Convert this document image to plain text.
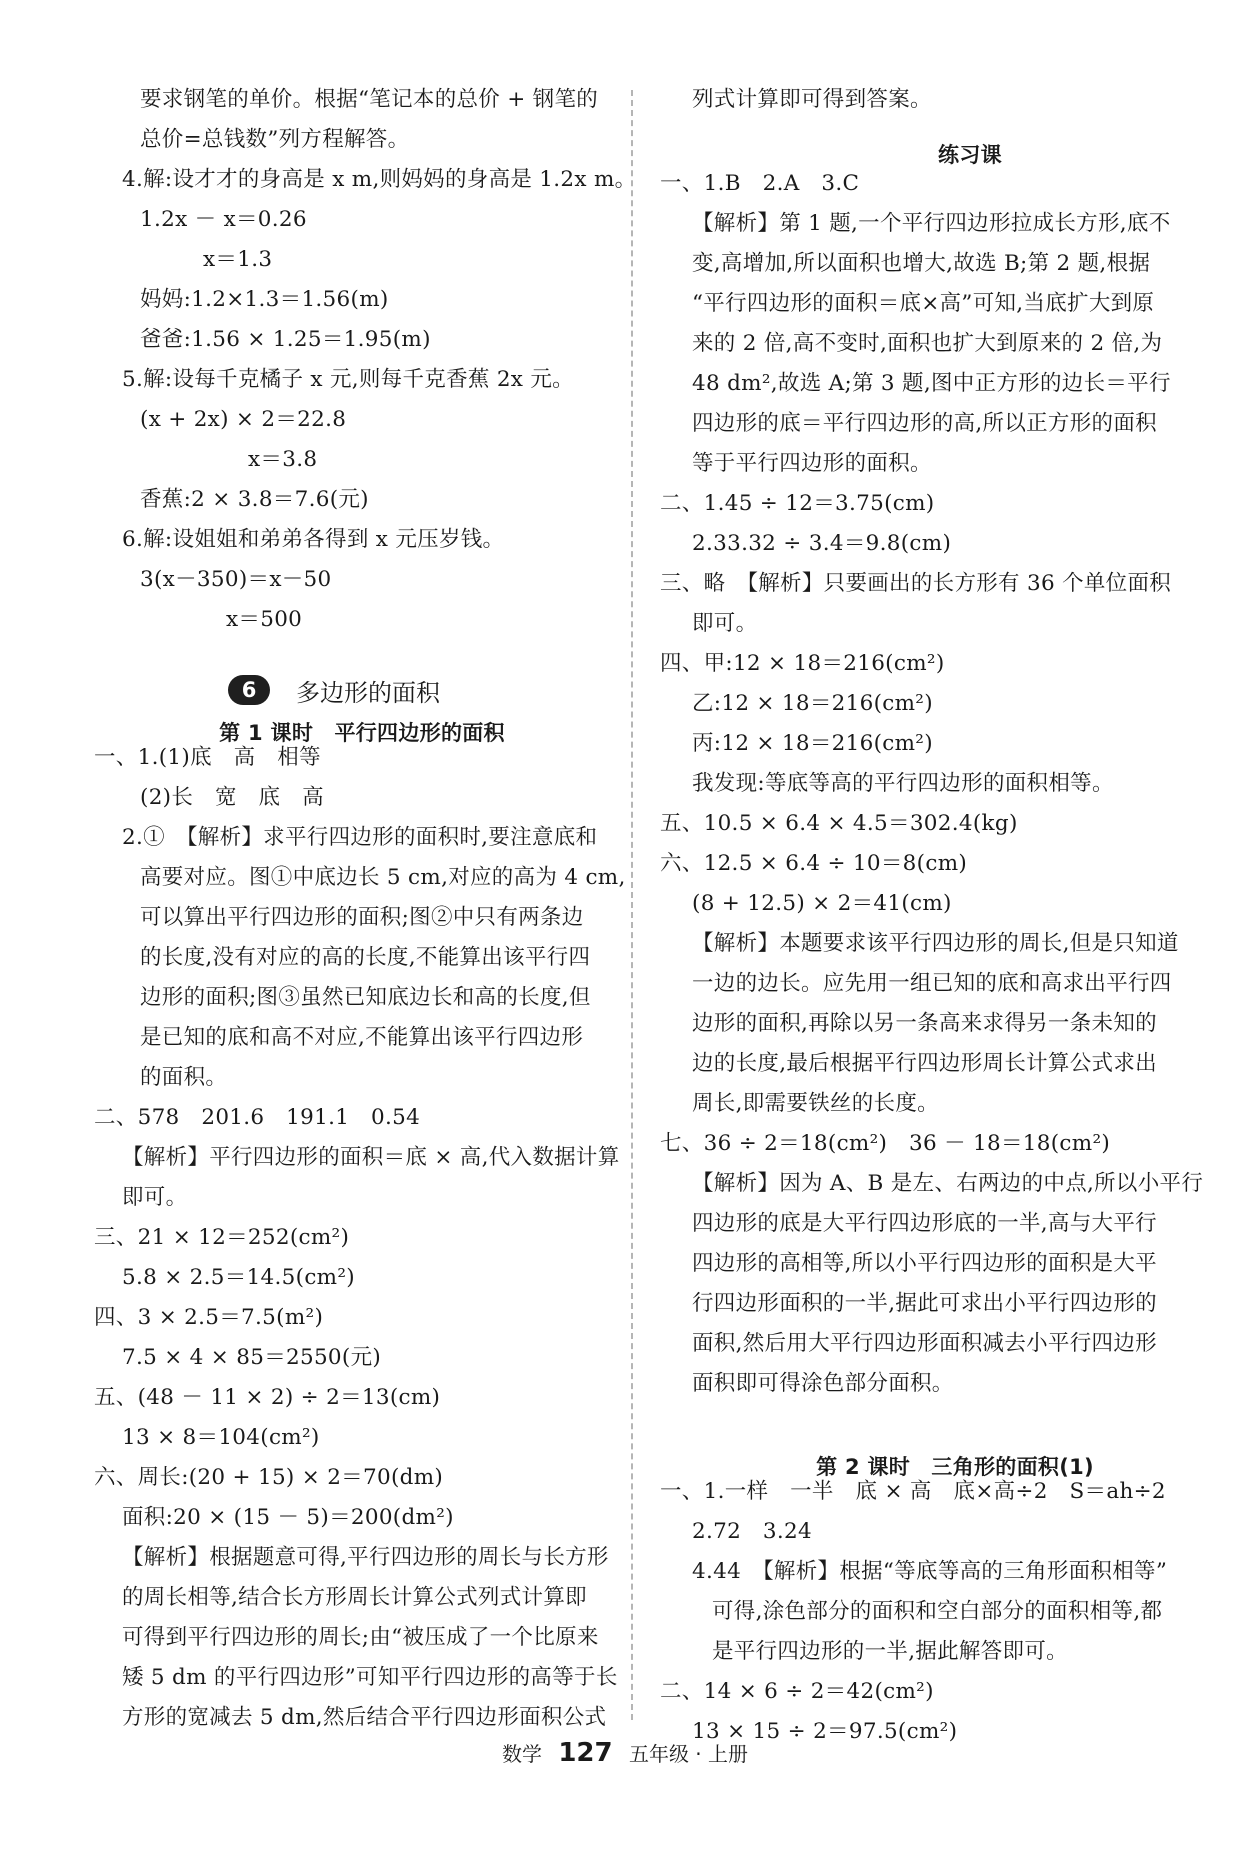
要求钢笔的单价。根据“笔记本的总价 + 钢笔的
总价=总钱数”列方程解答。
4.解:设才才的身高是 x m,则妈妈的身高是 1.2x m。
1.2x － x＝0.26
x＝1.3
妈妈:1.2×1.3＝1.56(m)
爸爸:1.56 × 1.25＝1.95(m)
5.解:设每千克橘子 x 元,则每千克香蕉 2x 元。
(x + 2x) × 2＝22.8
x＝3.8
香蕉:2 × 3.8＝7.6(元)
6.解:设姐姐和弟弟各得到 x 元压岁钱。
3(x－350)＝x－50
x＝500
一、1.(1)底　高　相等
(2)长　宽　底　高
2.①　【解析】求平行四边形的面积时,要注意底和
高要对应。图①中底边长 5 cm,对应的高为 4 cm,
可以算出平行四边形的面积;图②中只有两条边
的长度,没有对应的高的长度,不能算出该平行四
边形的面积;图③虽然已知底边长和高的长度,但
是已知的底和高不对应,不能算出该平行四边形
的面积。
二、578　201.6　191.1　0.54
【解析】平行四边形的面积＝底 × 高,代入数据计算
即可。
三、21 × 12＝252(cm²)
5.8 × 2.5＝14.5(cm²)
四、3 × 2.5＝7.5(m²)
7.5 × 4 × 85＝2550(元)
五、(48 － 11 × 2) ÷ 2＝13(cm)
13 × 8＝104(cm²)
六、周长:(20 + 15) × 2＝70(dm)
面积:20 × (15 － 5)＝200(dm²)
【解析】根据题意可得,平行四边形的周长与长方形
的周长相等,结合长方形周长计算公式列式计算即
可得到平行四边形的周长;由“被压成了一个比原来
矮 5 dm 的平行四边形”可知平行四边形的高等于长
方形的宽减去 5 dm,然后结合平行四边形面积公式
列式计算即可得到答案。
一、1.B　2.A　3.C
【解析】第 1 题,一个平行四边形拉成长方形,底不
变,高增加,所以面积也增大,故选 B;第 2 题,根据
“平行四边形的面积＝底×高”可知,当底扩大到原
来的 2 倍,高不变时,面积也扩大到原来的 2 倍,为
48 dm²,故选 A;第 3 题,图中正方形的边长＝平行
四边形的底＝平行四边形的高,所以正方形的面积
等于平行四边形的面积。
二、1.45 ÷ 12＝3.75(cm)
2.33.32 ÷ 3.4＝9.8(cm)
三、略　【解析】只要画出的长方形有 36 个单位面积
即可。
四、甲:12 × 18＝216(cm²)
乙:12 × 18＝216(cm²)
丙:12 × 18＝216(cm²)
我发现:等底等高的平行四边形的面积相等。
五、10.5 × 6.4 × 4.5＝302.4(kg)
六、12.5 × 6.4 ÷ 10＝8(cm)
(8 + 12.5) × 2＝41(cm)
【解析】本题要求该平行四边形的周长,但是只知道
一边的边长。应先用一组已知的底和高求出平行四
边形的面积,再除以另一条高来求得另一条未知的
边的长度,最后根据平行四边形周长计算公式求出
周长,即需要铁丝的长度。
七、36 ÷ 2＝18(cm²)　36 － 18＝18(cm²)
【解析】因为 A、B 是左、右两边的中点,所以小平行
四边形的底是大平行四边形底的一半,高与大平行
四边形的高相等,所以小平行四边形的面积是大平
行四边形面积的一半,据此可求出小平行四边形的
面积,然后用大平行四边形面积减去小平行四边形
面积即可得涂色部分面积。
一、1.一样　一半　底 × 高　底×高÷2　S＝ah÷2
2.72　3.24
4.44　【解析】根据“等底等高的三角形面积相等”
可得,涂色部分的面积和空白部分的面积相等,都
是平行四边形的一半,据此解答即可。
二、14 × 6 ÷ 2＝42(cm²)
13 × 15 ÷ 2＝97.5(cm²)
练习课
6	多边形的面积
第 1 课时　平行四边形的面积
第 2 课时　三角形的面积(1)
数学 127 五年级 · 上册
